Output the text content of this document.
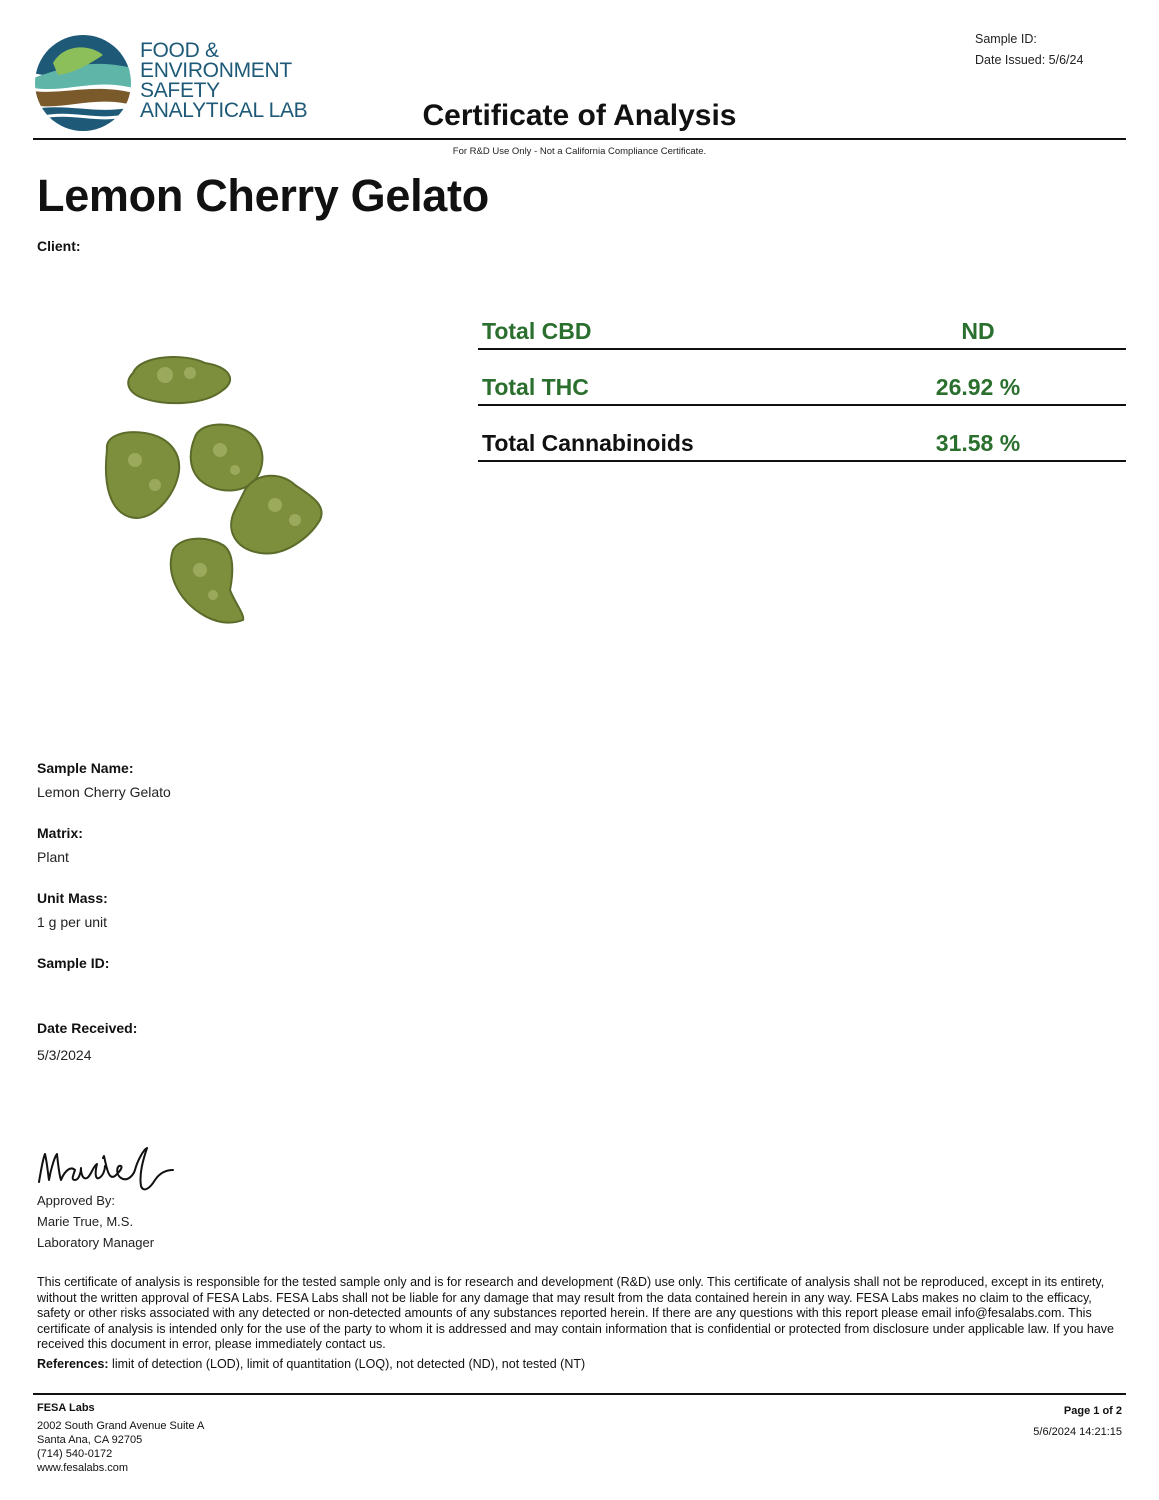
FOOD &
ENVIRONMENT
SAFETY
ANALYTICAL LAB
Sample ID:
Date Issued: 5/6/24
Certificate of Analysis
For R&D Use Only - Not a California Compliance Certificate.
Lemon Cherry Gelato
Client:
Total CBD	ND
Total THC	26.92 %
Total Cannabinoids	31.58 %
Sample Name:
Lemon Cherry Gelato
Matrix:
Plant
Unit Mass:
1 g per unit
Sample ID:
Date Received:
5/3/2024
Approved By:
Marie True, M.S.
Laboratory Manager
This certificate of analysis is responsible for the tested sample only and is for research and development (R&D) use only. This certificate of analysis shall not be reproduced, except in its entirety, without the written approval of FESA Labs. FESA Labs shall not be liable for any damage that may result from the data contained herein in any way. FESA Labs makes no claim to the efficacy, safety or other risks associated with any detected or non-detected amounts of any substances reported herein. If there are any questions with this report please email info@fesalabs.com. This certificate of analysis is intended only for the use of the party to whom it is addressed and may contain information that is confidential or protected from disclosure under applicable law. If you have received this document in error, please immediately contact us.
References: limit of detection (LOD), limit of quantitation (LOQ), not detected (ND), not tested (NT)
FESA Labs
2002 South Grand Avenue Suite A
Santa Ana, CA 92705
(714) 540-0172
www.fesalabs.com
Page 1 of 2
5/6/2024 14:21:15
